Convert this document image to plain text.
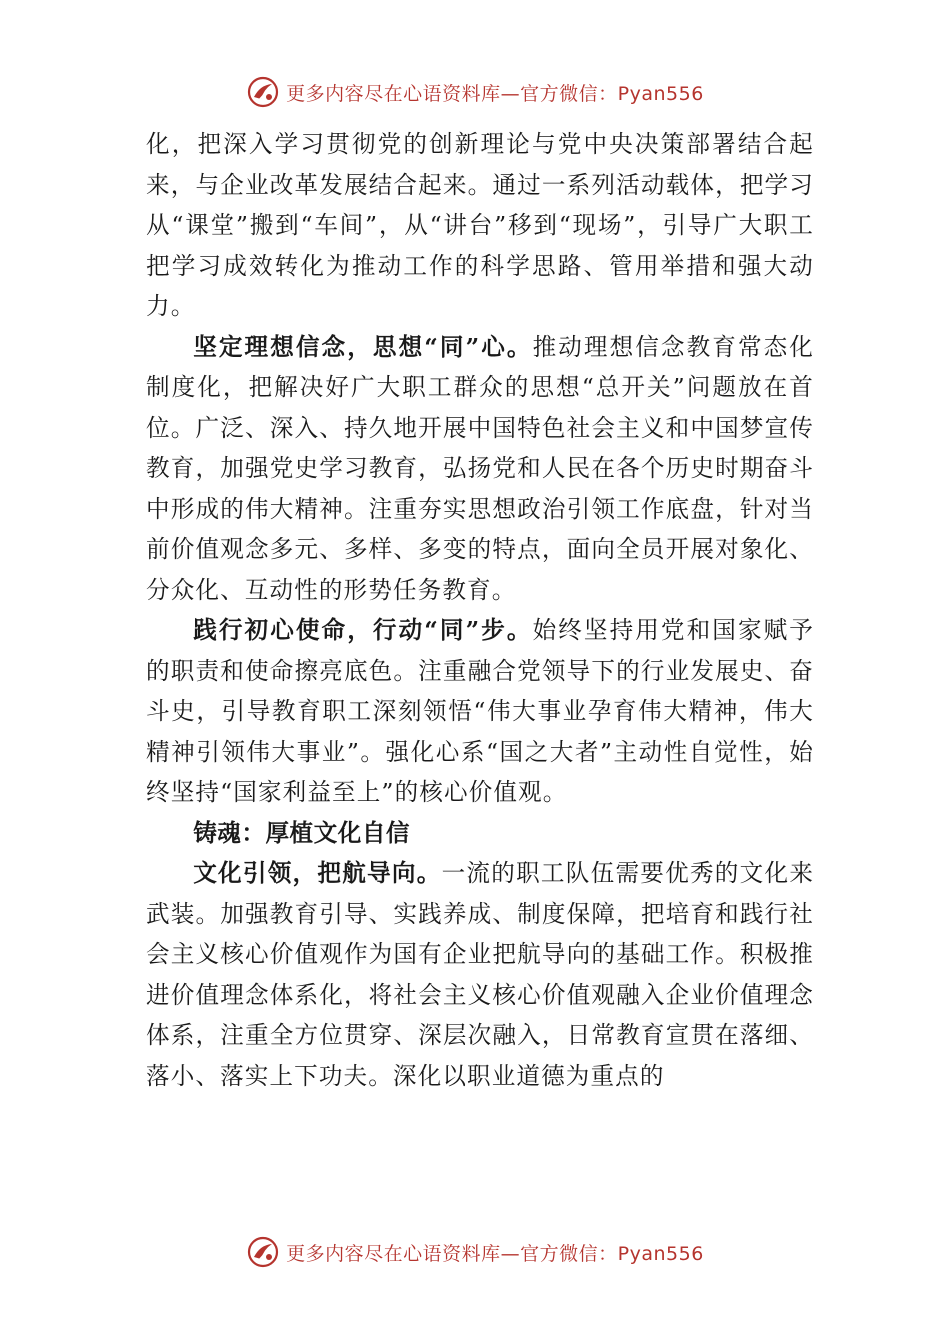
更多内容尽在心语资料库—官方微信：Pyan556

化，把深入学习贯彻党的创新理论与党中央决策部署结合起来，与企业改革发展结合起来。通过一系列活动载体，把学习从“课堂”搬到“车间”，从“讲台”移到“现场”，引导广大职工把学习成效转化为推动工作的科学思路、管用举措和强大动力。

坚定理想信念，思想“同”心。推动理想信念教育常态化制度化，把解决好广大职工群众的思想“总开关”问题放在首位。广泛、深入、持久地开展中国特色社会主义和中国梦宣传教育，加强党史学习教育，弘扬党和人民在各个历史时期奋斗中形成的伟大精神。注重夯实思想政治引领工作底盘，针对当前价值观念多元、多样、多变的特点，面向全员开展对象化、分众化、互动性的形势任务教育。

践行初心使命，行动“同”步。始终坚持用党和国家赋予的职责和使命擦亮底色。注重融合党领导下的行业发展史、奋斗史，引导教育职工深刻领悟“伟大事业孕育伟大精神，伟大精神引领伟大事业”。强化心系“国之大者”主动性自觉性，始终坚持“国家利益至上”的核心价值观。

铸魂：厚植文化自信

文化引领，把航导向。一流的职工队伍需要优秀的文化来武装。加强教育引导、实践养成、制度保障，把培育和践行社会主义核心价值观作为国有企业把航导向的基础工作。积极推进价值理念体系化，将社会主义核心价值观融入企业价值理念体系，注重全方位贯穿、深层次融入，日常教育宣贯在落细、落小、落实上下功夫。深化以职业道德为重点的

更多内容尽在心语资料库—官方微信：Pyan556
